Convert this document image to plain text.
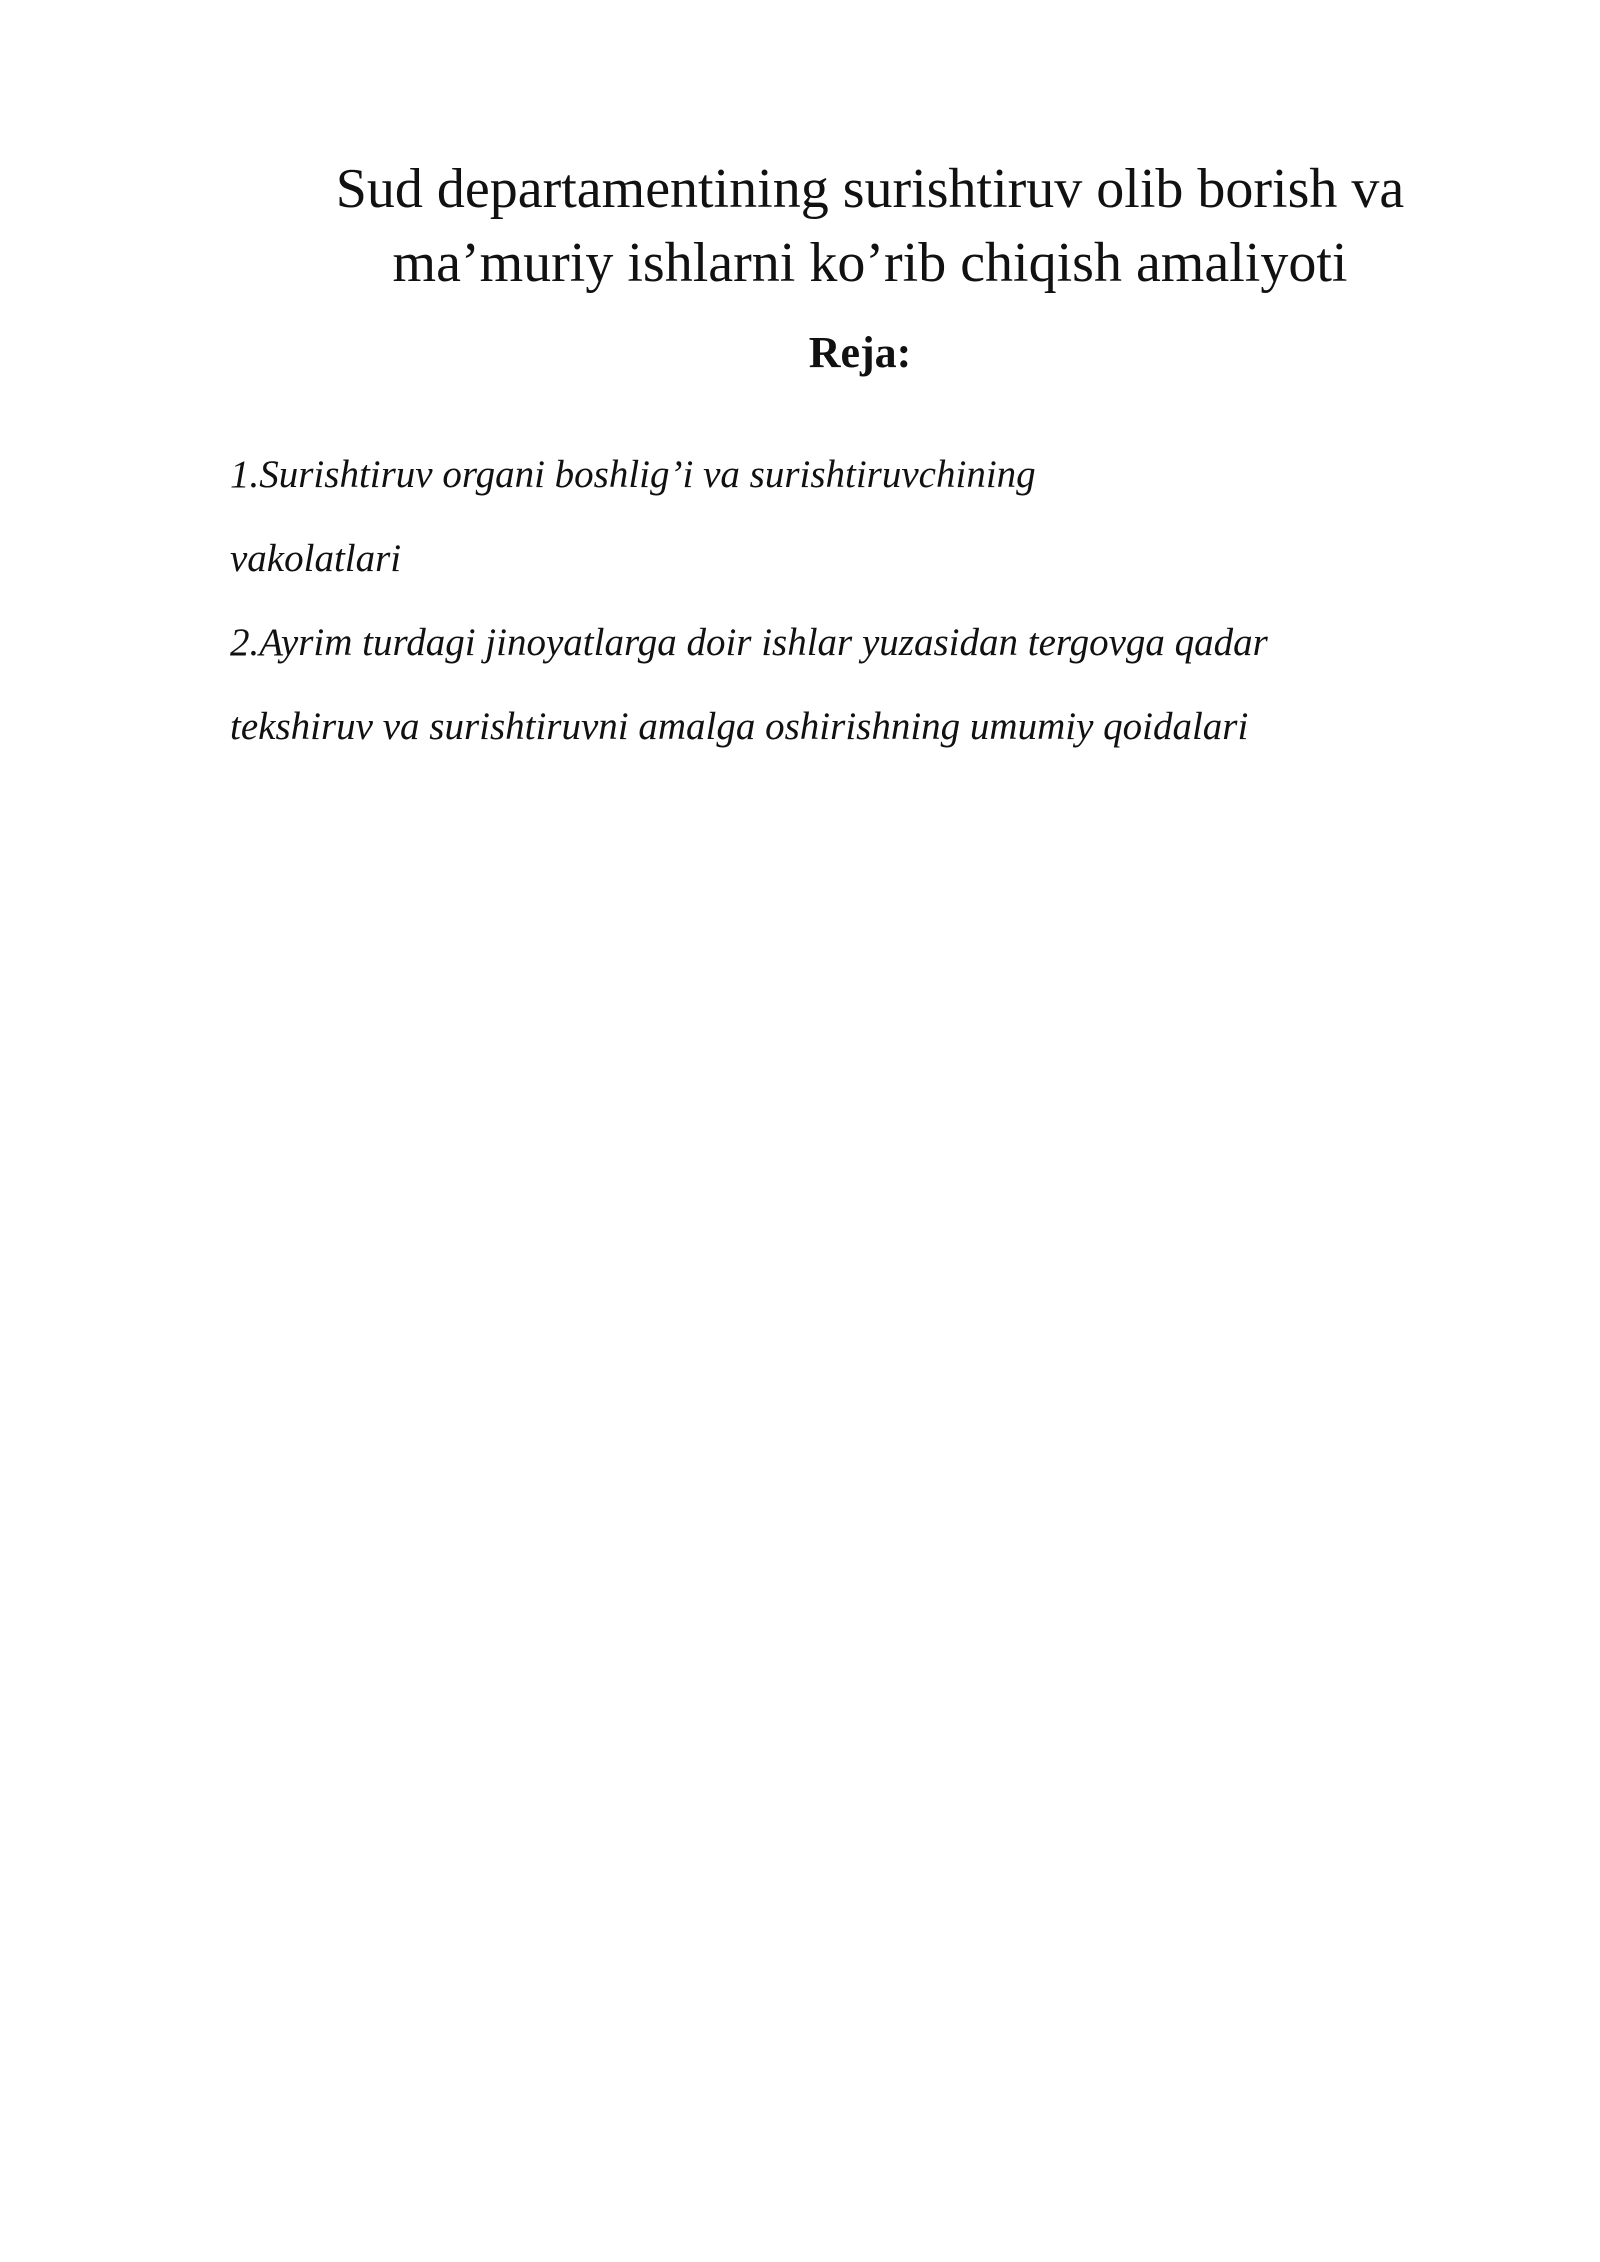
Sud departamentining surishtiruv olib borish va
ma’muriy ishlarni ko’rib chiqish amaliyoti
Reja:
1.Surishtiruv organi boshlig’i va surishtiruvchining
vakolatlari
2.Ayrim turdagi jinoyatlarga doir ishlar yuzasidan tergovga qadar
tekshiruv va surishtiruvni amalga oshirishning umumiy qoidalari
